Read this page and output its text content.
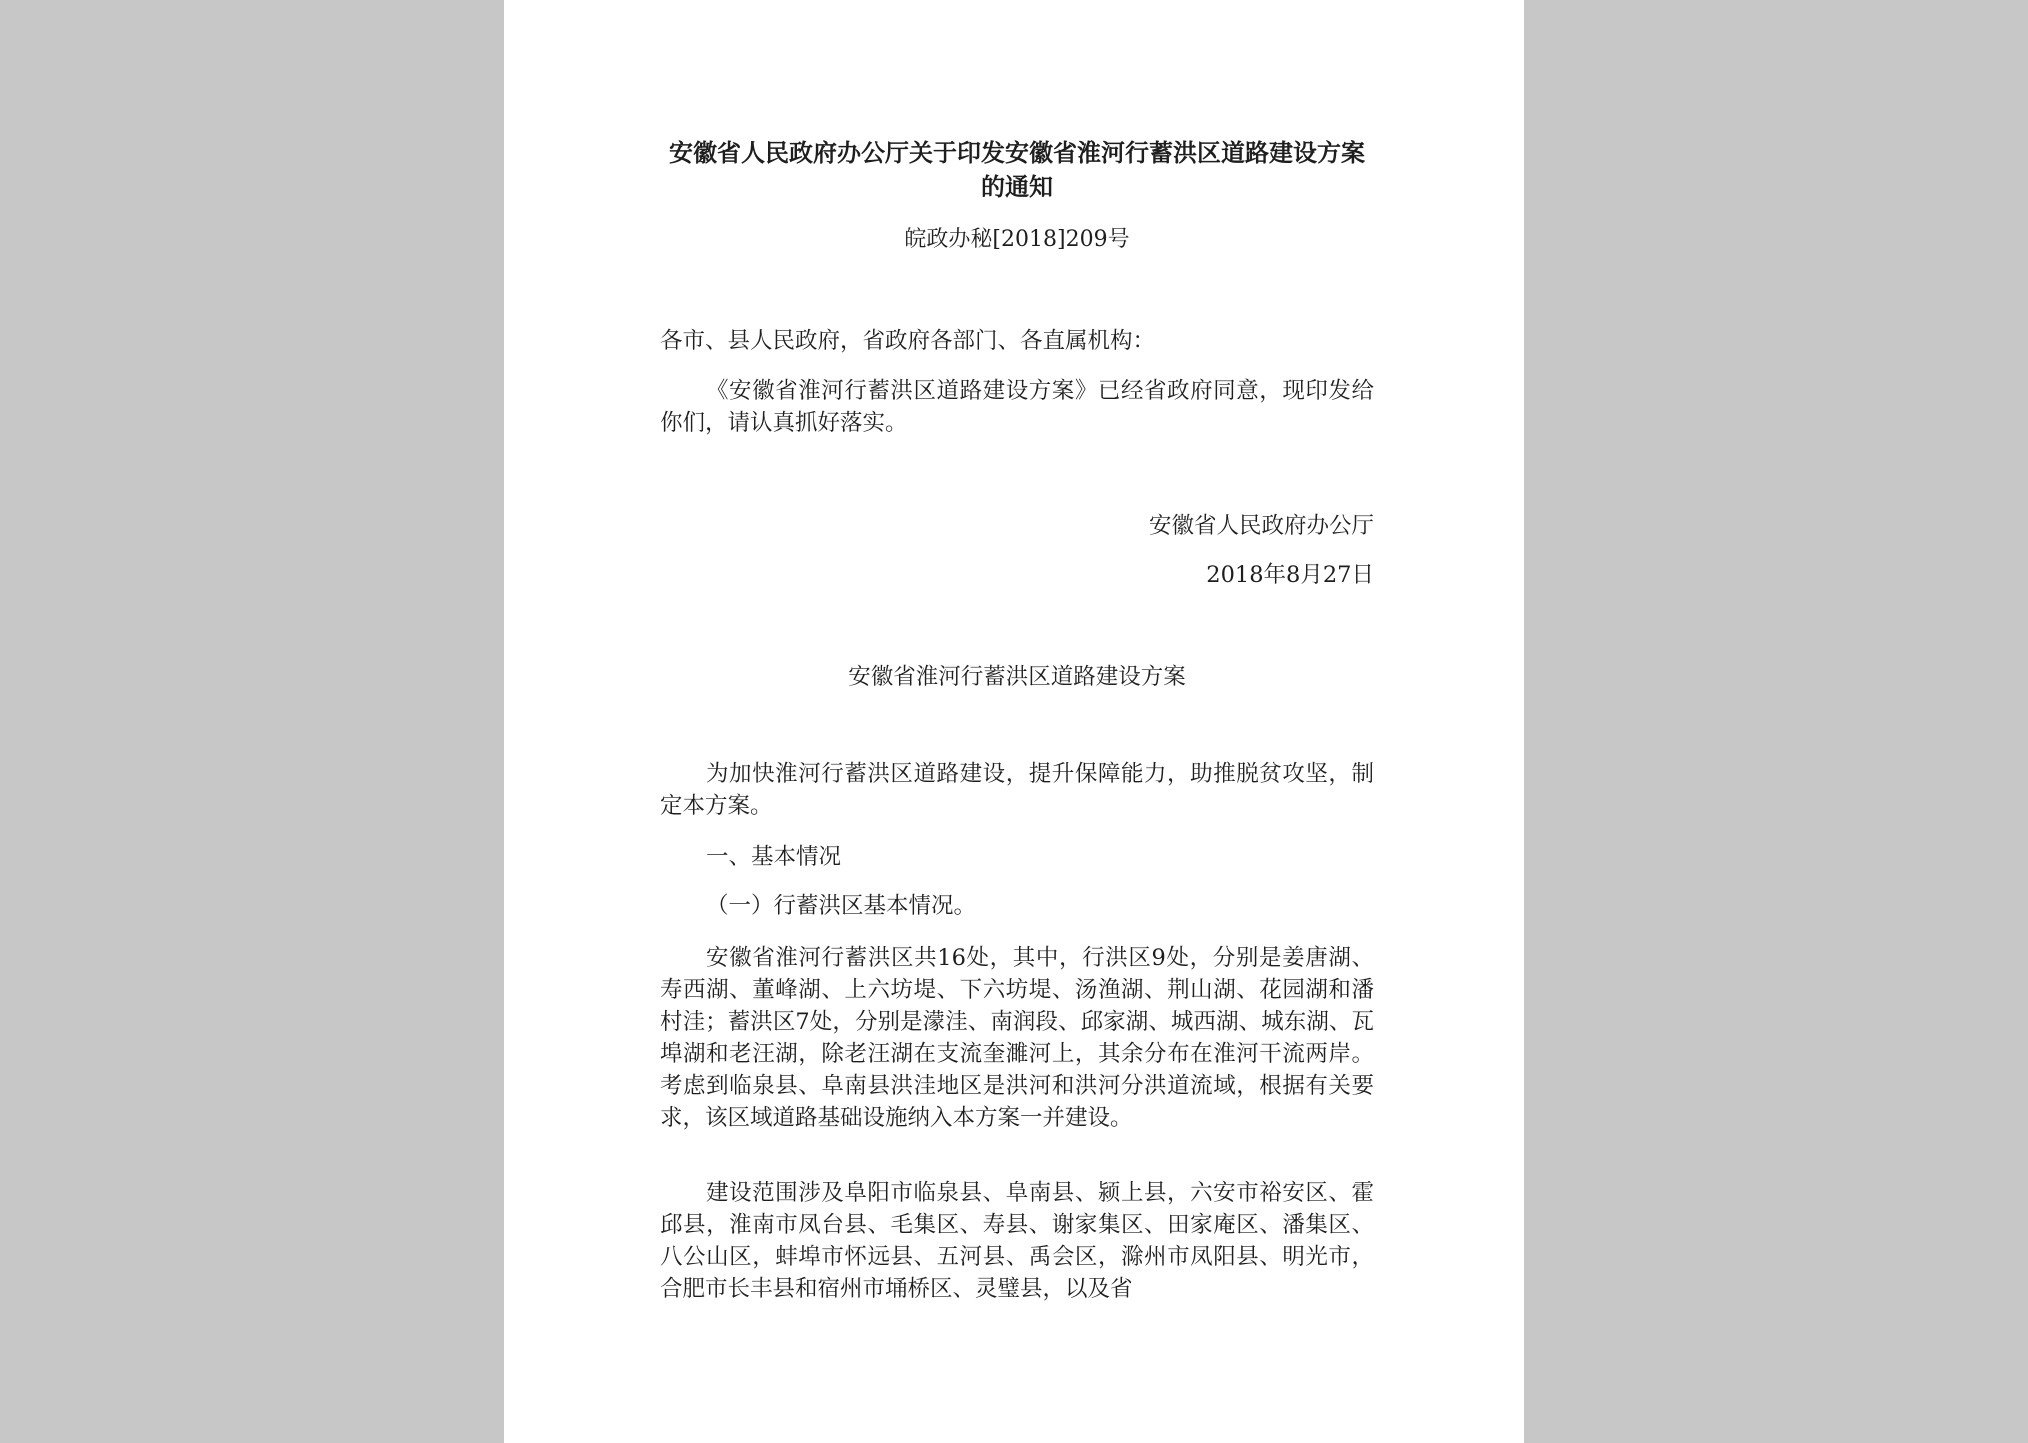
安徽省人民政府办公厅关于印发安徽省淮河行蓄洪区道路建设方案的通知

皖政办秘[2018]209号

各市、县人民政府，省政府各部门、各直属机构：

《安徽省淮河行蓄洪区道路建设方案》已经省政府同意，现印发给你们，请认真抓好落实。

安徽省人民政府办公厅

2018年8月27日

安徽省淮河行蓄洪区道路建设方案

为加快淮河行蓄洪区道路建设，提升保障能力，助推脱贫攻坚，制定本方案。

一、基本情况

（一）行蓄洪区基本情况。

安徽省淮河行蓄洪区共16处，其中，行洪区9处，分别是姜唐湖、寿西湖、董峰湖、上六坊堤、下六坊堤、汤渔湖、荆山湖、花园湖和潘村洼；蓄洪区7处，分别是濛洼、南润段、邱家湖、城西湖、城东湖、瓦埠湖和老汪湖，除老汪湖在支流奎濉河上，其余分布在淮河干流两岸。考虑到临泉县、阜南县洪洼地区是洪河和洪河分洪道流域，根据有关要求，该区域道路基础设施纳入本方案一并建设。

建设范围涉及阜阳市临泉县、阜南县、颍上县，六安市裕安区、霍邱县，淮南市凤台县、毛集区、寿县、谢家集区、田家庵区、潘集区、八公山区，蚌埠市怀远县、五河县、禹会区，滁州市凤阳县、明光市，合肥市长丰县和宿州市埇桥区、灵璧县，以及省
